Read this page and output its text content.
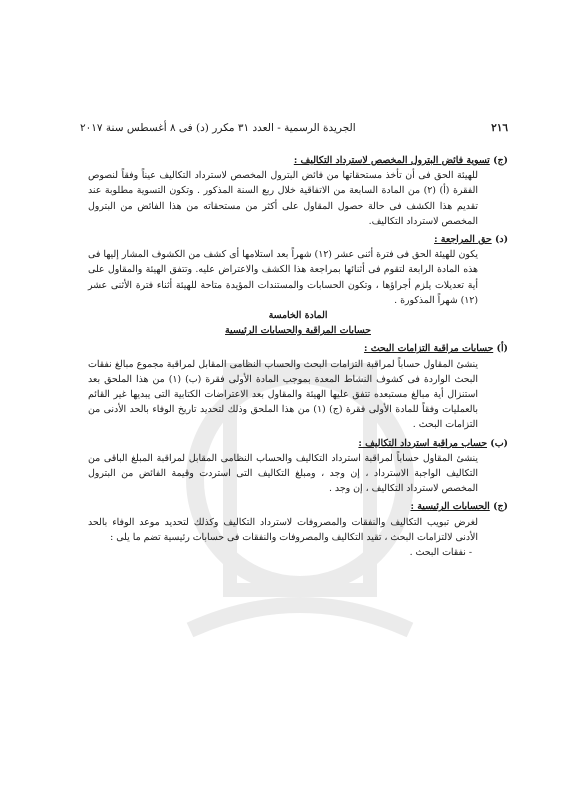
٢١٦
الجريدة الرسمية - العدد ٣١ مكرر (د) فى ٨ أغسطس سنة ٢٠١٧
(ج) تسوية فائض البترول المخصص لاسترداد التكاليف :

للهيئة الحق فى أن تأخذ مستحقاتها من فائض البترول المخصص لاسترداد التكاليف عيناً وفقاً لنصوص الفقرة (أ) (٢) من المادة السابعة من الاتفاقية خلال ربع السنة المذكور . وتكون التسوية مطلوبة عند تقديم هذا الكشف فى حالة حصول المقاول على أكثر من مستحقاته من هذا الفائض من البترول المخصص لاسترداد التكاليف.

(د) حق المراجعة :

يكون للهيئة الحق فى فترة أثنى عشر (١٢) شهراً بعد استلامها أى كشف من الكشوف المشار إليها فى هذه المادة الرابعة لتقوم فى أثنائها بمراجعة هذا الكشف والاعتراض عليه. وتتفق الهيئة والمقاول على أية تعديلات يلزم أجراؤها ، وتكون الحسابات والمستندات المؤيدة متاحة للهيئة أثناء فترة الأثنى عشر (١٢) شهراً المذكورة .

المادة الخامسة
حسابات المراقبة والحسابات الرئيسية
(أ) حسابات مراقبة التزامات البحث :

ينشئ المقاول حساباً لمراقبة التزامات البحث والحساب النظامى المقابل لمراقبة مجموع مبالغ نفقات البحث الواردة فى كشوف النشاط المعدة بموجب المادة الأولى فقرة (ب) (١) من هذا الملحق بعد استنزال أية مبالغ مستبعده تتفق عليها الهيئة والمقاول بعد الاعتراضات الكتابية التى يبديها غير القائم بالعمليات وفقاً للمادة الأولى فقرة (ج) (١) من هذا الملحق وذلك لتحديد تاريخ الوفاء بالحد الأدنى من التزامات البحث .

(ب) حساب مراقبة استرداد التكاليف :

ينشئ المقاول حساباً لمراقبة استرداد التكاليف والحساب النظامى المقابل لمراقبة المبلغ الباقى من التكاليف الواجبة الاسترداد ، إن وجد ، ومبلغ التكاليف التى استردت وقيمة الفائض من البترول المخصص لاسترداد التكاليف ، إن وجد .

(ج) الحسابات الرئيسية :

لغرض تبويب التكاليف والنفقات والمصروفات لاسترداد التكاليف وكذلك لتحديد موعد الوفاء بالحد الأدنى لالتزامات البحث ، تقيد التكاليف والمصروفات والنفقات فى حسابات رئيسية تضم ما يلى :

- نفقات البحث .
